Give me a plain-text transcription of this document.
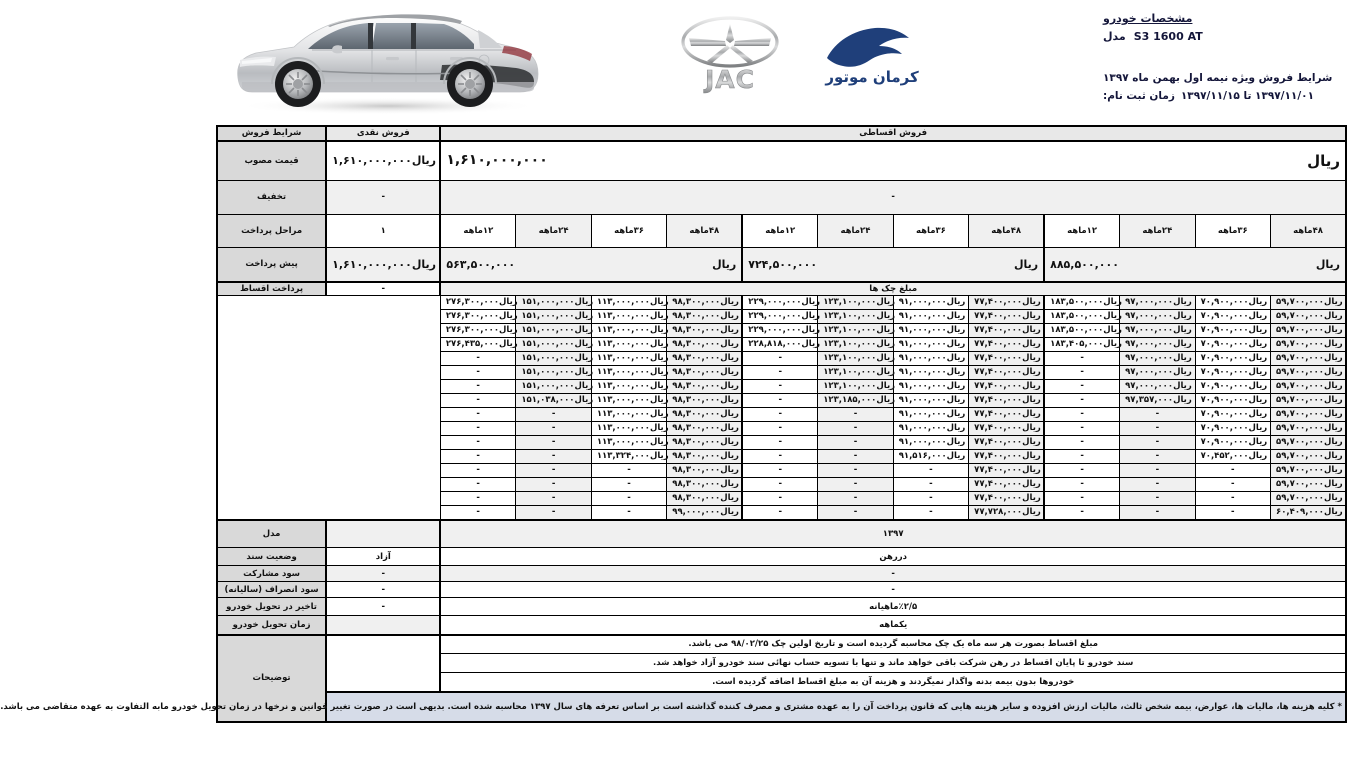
کرمان موتور
JAC
مشخصات خودرو
S3 1600 AT
مدل
شرایط فروش ویژه نیمه اول بهمن ماه ۱۳۹۷
۱۳۹۷/۱۱/۰۱ تا ۱۳۹۷/۱۱/۱۵
زمان ثبت نام:
فروش اقساطی												فروش نقدی	شرایط فروش

۱,۶۱۰,۰۰۰,۰۰۰ ریال												۱,۶۱۰,۰۰۰,۰۰۰ ریال	قیمت مصوب
-												-	تخفیف
۴۸ماهه	۳۶ماهه	۲۴ماهه	۱۲ماهه	۴۸ماهه	۳۶ماهه	۲۴ماهه	۱۲ماهه	۴۸ماهه	۳۶ماهه	۲۴ماهه	۱۲ماهه	۱	مراحل پرداخت

۸۸۵,۵۰۰,۰۰۰ ریال				۷۲۴,۵۰۰,۰۰۰ ریال				۵۶۳,۵۰۰,۰۰۰ ریال				۱,۶۱۰,۰۰۰,۰۰۰ ریال	پیش پرداخت
مبلغ چک ها												-	پرداخت اقساط

۵۹,۷۰۰,۰۰۰ ریال	۷۰,۹۰۰,۰۰۰ ریال	۹۷,۰۰۰,۰۰۰ ریال	۱۸۳,۵۰۰,۰۰۰ ریال	۷۷,۴۰۰,۰۰۰ ریال	۹۱,۰۰۰,۰۰۰ ریال	۱۲۳,۱۰۰,۰۰۰ ریال	۲۲۹,۰۰۰,۰۰۰ ریال	۹۸,۳۰۰,۰۰۰ ریال	۱۱۳,۰۰۰,۰۰۰ ریال	۱۵۱,۰۰۰,۰۰۰ ریال	۲۷۶,۳۰۰,۰۰۰ ریال		

۵۹,۷۰۰,۰۰۰ ریال	۷۰,۹۰۰,۰۰۰ ریال	۹۷,۰۰۰,۰۰۰ ریال	۱۸۳,۵۰۰,۰۰۰ ریال	۷۷,۴۰۰,۰۰۰ ریال	۹۱,۰۰۰,۰۰۰ ریال	۱۲۳,۱۰۰,۰۰۰ ریال	۲۲۹,۰۰۰,۰۰۰ ریال	۹۸,۳۰۰,۰۰۰ ریال	۱۱۳,۰۰۰,۰۰۰ ریال	۱۵۱,۰۰۰,۰۰۰ ریال	۲۷۶,۳۰۰,۰۰۰ ریال		

۵۹,۷۰۰,۰۰۰ ریال	۷۰,۹۰۰,۰۰۰ ریال	۹۷,۰۰۰,۰۰۰ ریال	۱۸۳,۵۰۰,۰۰۰ ریال	۷۷,۴۰۰,۰۰۰ ریال	۹۱,۰۰۰,۰۰۰ ریال	۱۲۳,۱۰۰,۰۰۰ ریال	۲۲۹,۰۰۰,۰۰۰ ریال	۹۸,۳۰۰,۰۰۰ ریال	۱۱۳,۰۰۰,۰۰۰ ریال	۱۵۱,۰۰۰,۰۰۰ ریال	۲۷۶,۳۰۰,۰۰۰ ریال		

۵۹,۷۰۰,۰۰۰ ریال	۷۰,۹۰۰,۰۰۰ ریال	۹۷,۰۰۰,۰۰۰ ریال	۱۸۳,۴۰۵,۰۰۰ ریال	۷۷,۴۰۰,۰۰۰ ریال	۹۱,۰۰۰,۰۰۰ ریال	۱۲۳,۱۰۰,۰۰۰ ریال	۲۲۸,۸۱۸,۰۰۰ ریال	۹۸,۳۰۰,۰۰۰ ریال	۱۱۳,۰۰۰,۰۰۰ ریال	۱۵۱,۰۰۰,۰۰۰ ریال	۲۷۶,۴۳۵,۰۰۰ ریال		

۵۹,۷۰۰,۰۰۰ ریال	۷۰,۹۰۰,۰۰۰ ریال	۹۷,۰۰۰,۰۰۰ ریال	-	۷۷,۴۰۰,۰۰۰ ریال	۹۱,۰۰۰,۰۰۰ ریال	۱۲۳,۱۰۰,۰۰۰ ریال	-	۹۸,۳۰۰,۰۰۰ ریال	۱۱۳,۰۰۰,۰۰۰ ریال	۱۵۱,۰۰۰,۰۰۰ ریال	-		

۵۹,۷۰۰,۰۰۰ ریال	۷۰,۹۰۰,۰۰۰ ریال	۹۷,۰۰۰,۰۰۰ ریال	-	۷۷,۴۰۰,۰۰۰ ریال	۹۱,۰۰۰,۰۰۰ ریال	۱۲۳,۱۰۰,۰۰۰ ریال	-	۹۸,۳۰۰,۰۰۰ ریال	۱۱۳,۰۰۰,۰۰۰ ریال	۱۵۱,۰۰۰,۰۰۰ ریال	-		

۵۹,۷۰۰,۰۰۰ ریال	۷۰,۹۰۰,۰۰۰ ریال	۹۷,۰۰۰,۰۰۰ ریال	-	۷۷,۴۰۰,۰۰۰ ریال	۹۱,۰۰۰,۰۰۰ ریال	۱۲۳,۱۰۰,۰۰۰ ریال	-	۹۸,۳۰۰,۰۰۰ ریال	۱۱۳,۰۰۰,۰۰۰ ریال	۱۵۱,۰۰۰,۰۰۰ ریال	-		

۵۹,۷۰۰,۰۰۰ ریال	۷۰,۹۰۰,۰۰۰ ریال	۹۷,۳۵۷,۰۰۰ ریال	-	۷۷,۴۰۰,۰۰۰ ریال	۹۱,۰۰۰,۰۰۰ ریال	۱۲۳,۱۸۵,۰۰۰ ریال	-	۹۸,۳۰۰,۰۰۰ ریال	۱۱۳,۰۰۰,۰۰۰ ریال	۱۵۱,۰۳۸,۰۰۰ ریال	-		

۵۹,۷۰۰,۰۰۰ ریال	۷۰,۹۰۰,۰۰۰ ریال	-	-	۷۷,۴۰۰,۰۰۰ ریال	۹۱,۰۰۰,۰۰۰ ریال	-	-	۹۸,۳۰۰,۰۰۰ ریال	۱۱۳,۰۰۰,۰۰۰ ریال	-	-		

۵۹,۷۰۰,۰۰۰ ریال	۷۰,۹۰۰,۰۰۰ ریال	-	-	۷۷,۴۰۰,۰۰۰ ریال	۹۱,۰۰۰,۰۰۰ ریال	-	-	۹۸,۳۰۰,۰۰۰ ریال	۱۱۳,۰۰۰,۰۰۰ ریال	-	-		

۵۹,۷۰۰,۰۰۰ ریال	۷۰,۹۰۰,۰۰۰ ریال	-	-	۷۷,۴۰۰,۰۰۰ ریال	۹۱,۰۰۰,۰۰۰ ریال	-	-	۹۸,۳۰۰,۰۰۰ ریال	۱۱۳,۰۰۰,۰۰۰ ریال	-	-		

۵۹,۷۰۰,۰۰۰ ریال	۷۰,۴۵۲,۰۰۰ ریال	-	-	۷۷,۴۰۰,۰۰۰ ریال	۹۱,۵۱۶,۰۰۰ ریال	-	-	۹۸,۳۰۰,۰۰۰ ریال	۱۱۳,۳۲۴,۰۰۰ ریال	-	-		

۵۹,۷۰۰,۰۰۰ ریال	-	-	-	۷۷,۴۰۰,۰۰۰ ریال	-	-	-	۹۸,۳۰۰,۰۰۰ ریال	-	-	-		

۵۹,۷۰۰,۰۰۰ ریال	-	-	-	۷۷,۴۰۰,۰۰۰ ریال	-	-	-	۹۸,۳۰۰,۰۰۰ ریال	-	-	-		

۵۹,۷۰۰,۰۰۰ ریال	-	-	-	۷۷,۴۰۰,۰۰۰ ریال	-	-	-	۹۸,۳۰۰,۰۰۰ ریال	-	-	-		

۶۰,۴۰۹,۰۰۰ ریال	-	-	-	۷۷,۷۲۸,۰۰۰ ریال	-	-	-	۹۹,۰۰۰,۰۰۰ ریال	-	-	-		
۱۳۹۷													مدل
دررهن												آزاد	وضعیت سند
-												-	سود مشارکت
-												-	سود انصراف (سالیانه)
٪۲/۵ماهیانه												-	تاخیر در تحویل خودرو
یکماهه													زمان تحویل خودرو
مبلغ اقساط بصورت هر سه ماه یک چک محاسبه گردیده است و تاریخ اولین چک ۹۸/۰۲/۲۵ می باشد.													توضیحات
سند خودرو تا پایان اقساط در رهن شرکت باقی خواهد ماند و تنها با تسویه حساب نهائی سند خودرو آزاد خواهد شد.													
خودروها بدون بیمه بدنه واگذار نمیگردند و هزینه آن به مبلغ اقساط اضافه گردیده است.													
* کلیه هزینه ها، مالیات ها، عوارض، بیمه شخص ثالث، مالیات ارزش افزوده و سایر هزینه هایی که قانون پرداخت آن را به عهده مشتری و مصرف کننده گذاشته است بر اساس تعرفه های سال ۱۳۹۷ محاسبه شده است. بدیهی است در صورت تغییر قوانین و نرخها در زمان تحویل خودرو مابه التفاوت به عهده متقاضی می باشد.													
